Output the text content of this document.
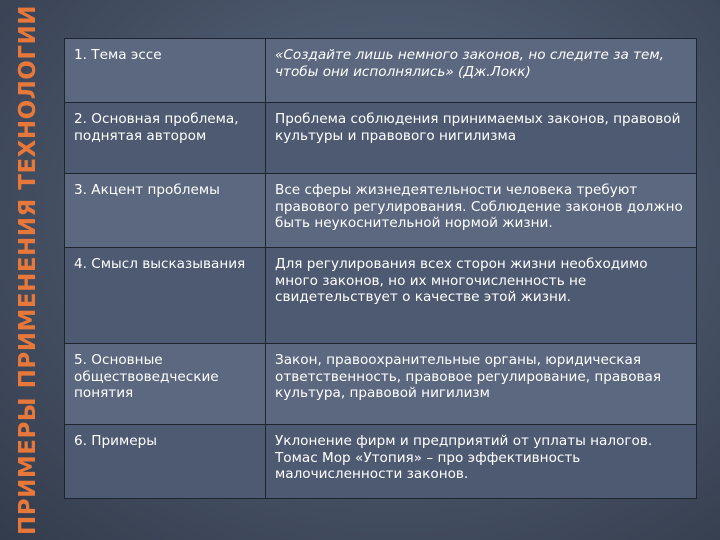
ПРИМЕРЫ ПРИМЕНЕНИЯ ТЕХНОЛОГИИ 1. Тема эссе	«Создайте лишь немного законов, но следите за тем, чтобы они исполнялись» (Дж.Локк)
2. Основная проблема, поднятая автором	Проблема соблюдения принимаемых законов, правовой культуры и правового нигилизма
3. Акцент проблемы	Все сферы жизнедеятельности человека требуют правового регулирования. Соблюдение законов должно быть неукоснительной нормой жизни.
4. Смысл высказывания	Для регулирования всех сторон жизни необходимо много законов, но их многочисленность не свидетельствует о качестве этой жизни.
5. Основные обществоведческие понятия	Закон, правоохранительные органы, юридическая ответственность, правовое регулирование, правовая культура, правовой нигилизм
6. Примеры	Уклонение фирм и предприятий от уплаты налогов. Томас Мор «Утопия» – про эффективность малочисленности законов.
